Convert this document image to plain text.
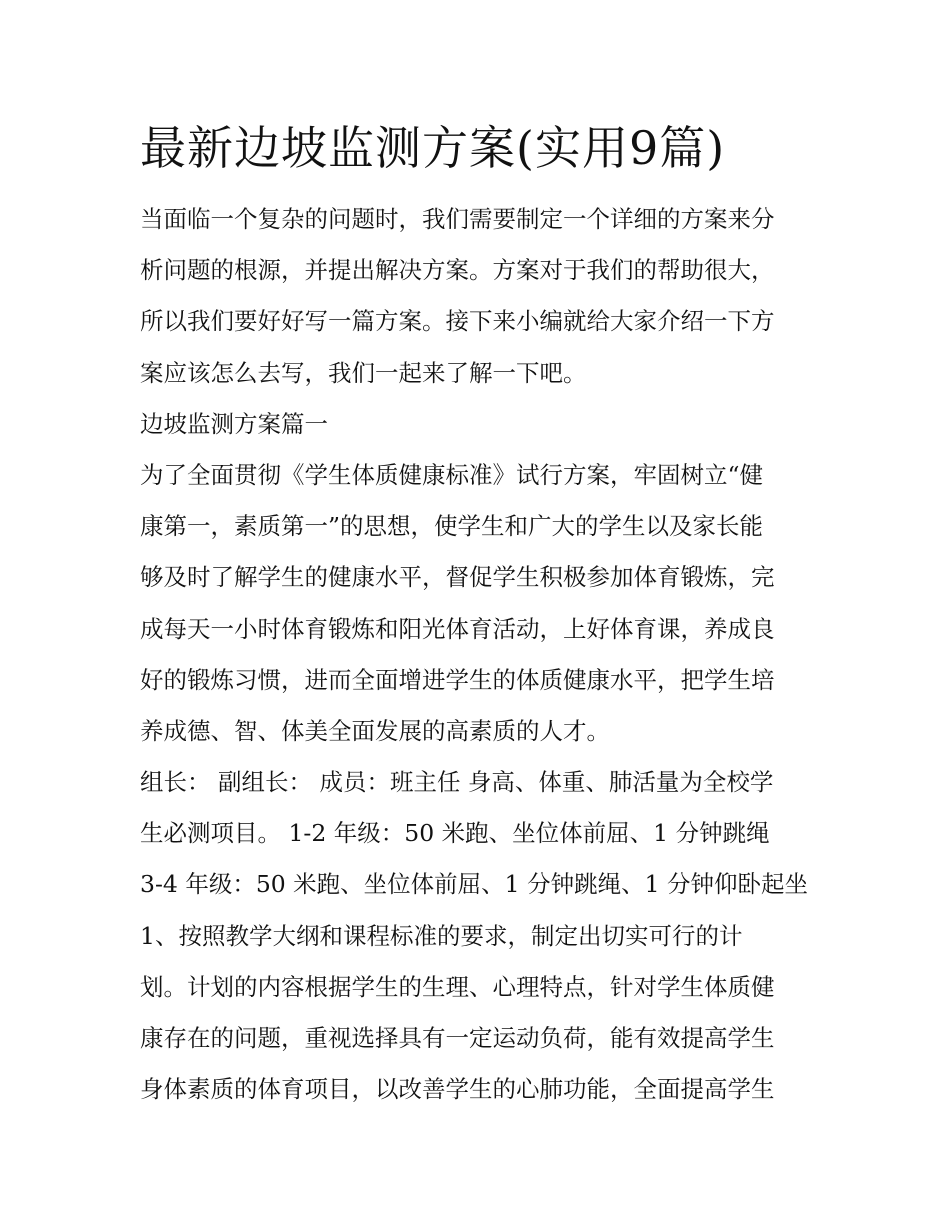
最新边坡监测方案(实用9篇)
当面临一个复杂的问题时，我们需要制定一个详细的方案来分
析问题的根源，并提出解决方案。方案对于我们的帮助很大，
所以我们要好好写一篇方案。接下来小编就给大家介绍一下方
案应该怎么去写，我们一起来了解一下吧。
边坡监测方案篇一
为了全面贯彻《学生体质健康标准》试行方案，牢固树立“健
康第一，素质第一”的思想，使学生和广大的学生以及家长能
够及时了解学生的健康水平，督促学生积极参加体育锻炼，完
成每天一小时体育锻炼和阳光体育活动，上好体育课，养成良
好的锻炼习惯，进而全面增进学生的体质健康水平，把学生培
养成德、智、体美全面发展的高素质的人才。
组长： 副组长： 成员：班主任 身高、体重、肺活量为全校学
生必测项目。 1-2 年级：50 米跑、坐位体前屈、1 分钟跳绳
3-4 年级：50 米跑、坐位体前屈、1 分钟跳绳、1 分钟仰卧起坐
1、按照教学大纲和课程标准的要求，制定出切实可行的计
划。计划的内容根据学生的生理、心理特点，针对学生体质健
康存在的问题，重视选择具有一定运动负荷，能有效提高学生
身体素质的体育项目，以改善学生的心肺功能，全面提高学生
